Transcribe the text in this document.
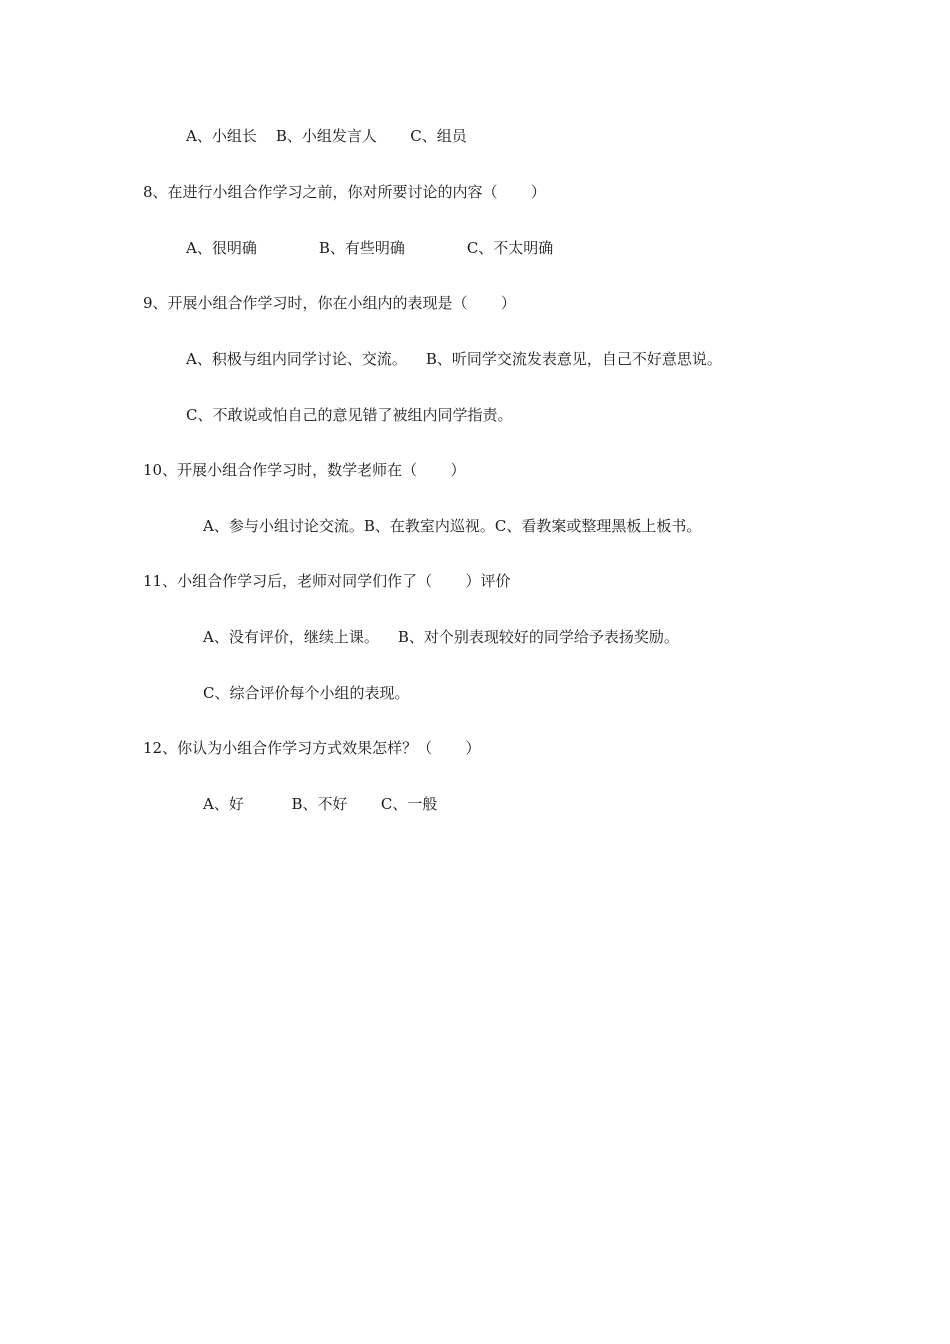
A、小组长    B、小组发言人       C、组员
8、在进行小组合作学习之前，你对所要讨论的内容（       ）
A、很明确             B、有些明确             C、不太明确
9、开展小组合作学习时，你在小组内的表现是（       ）
A、积极与组内同学讨论、交流。    B、听同学交流发表意见，自己不好意思说。
C、不敢说或怕自己的意见错了被组内同学指责。
10、开展小组合作学习时，数学老师在（       ）
A、参与小组讨论交流。B、在教室内巡视。C、看教案或整理黑板上板书。
11、小组合作学习后，老师对同学们作了（       ）评价
A、没有评价，继续上课。    B、对个别表现较好的同学给予表扬奖励。
C、综合评价每个小组的表现。
12、你认为小组合作学习方式效果怎样？（       ）
A、好          B、不好       C、一般
